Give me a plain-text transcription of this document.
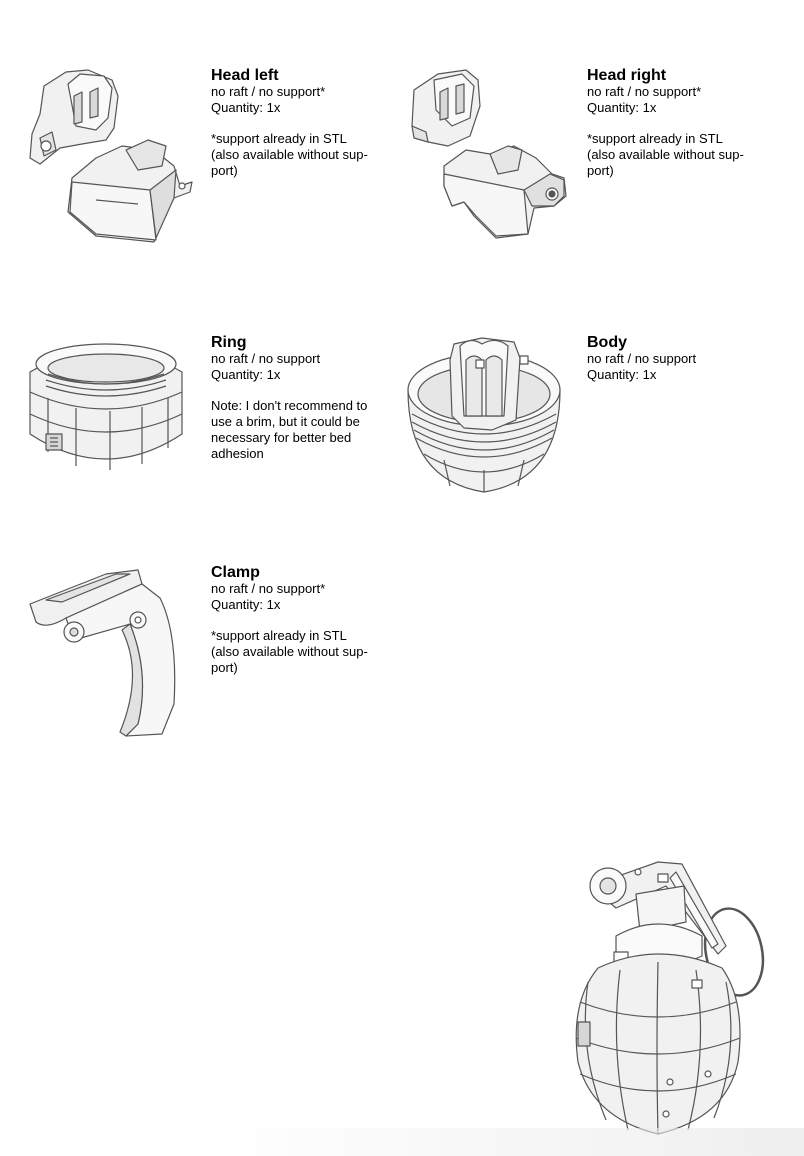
Head left
no raft / no support*
Quantity: 1x
*support already in STL
(also available without sup-
port)
Head right
no raft / no support*
Quantity: 1x
*support already in STL
(also available without sup-
port)
Ring
no raft / no support
Quantity: 1x
Note: I don't recommend to
use a brim, but it could be
necessary for better bed
adhesion
Body
no raft / no support
Quantity: 1x
Clamp
no raft / no support*
Quantity: 1x
*support already in STL
(also available without sup-
port)
